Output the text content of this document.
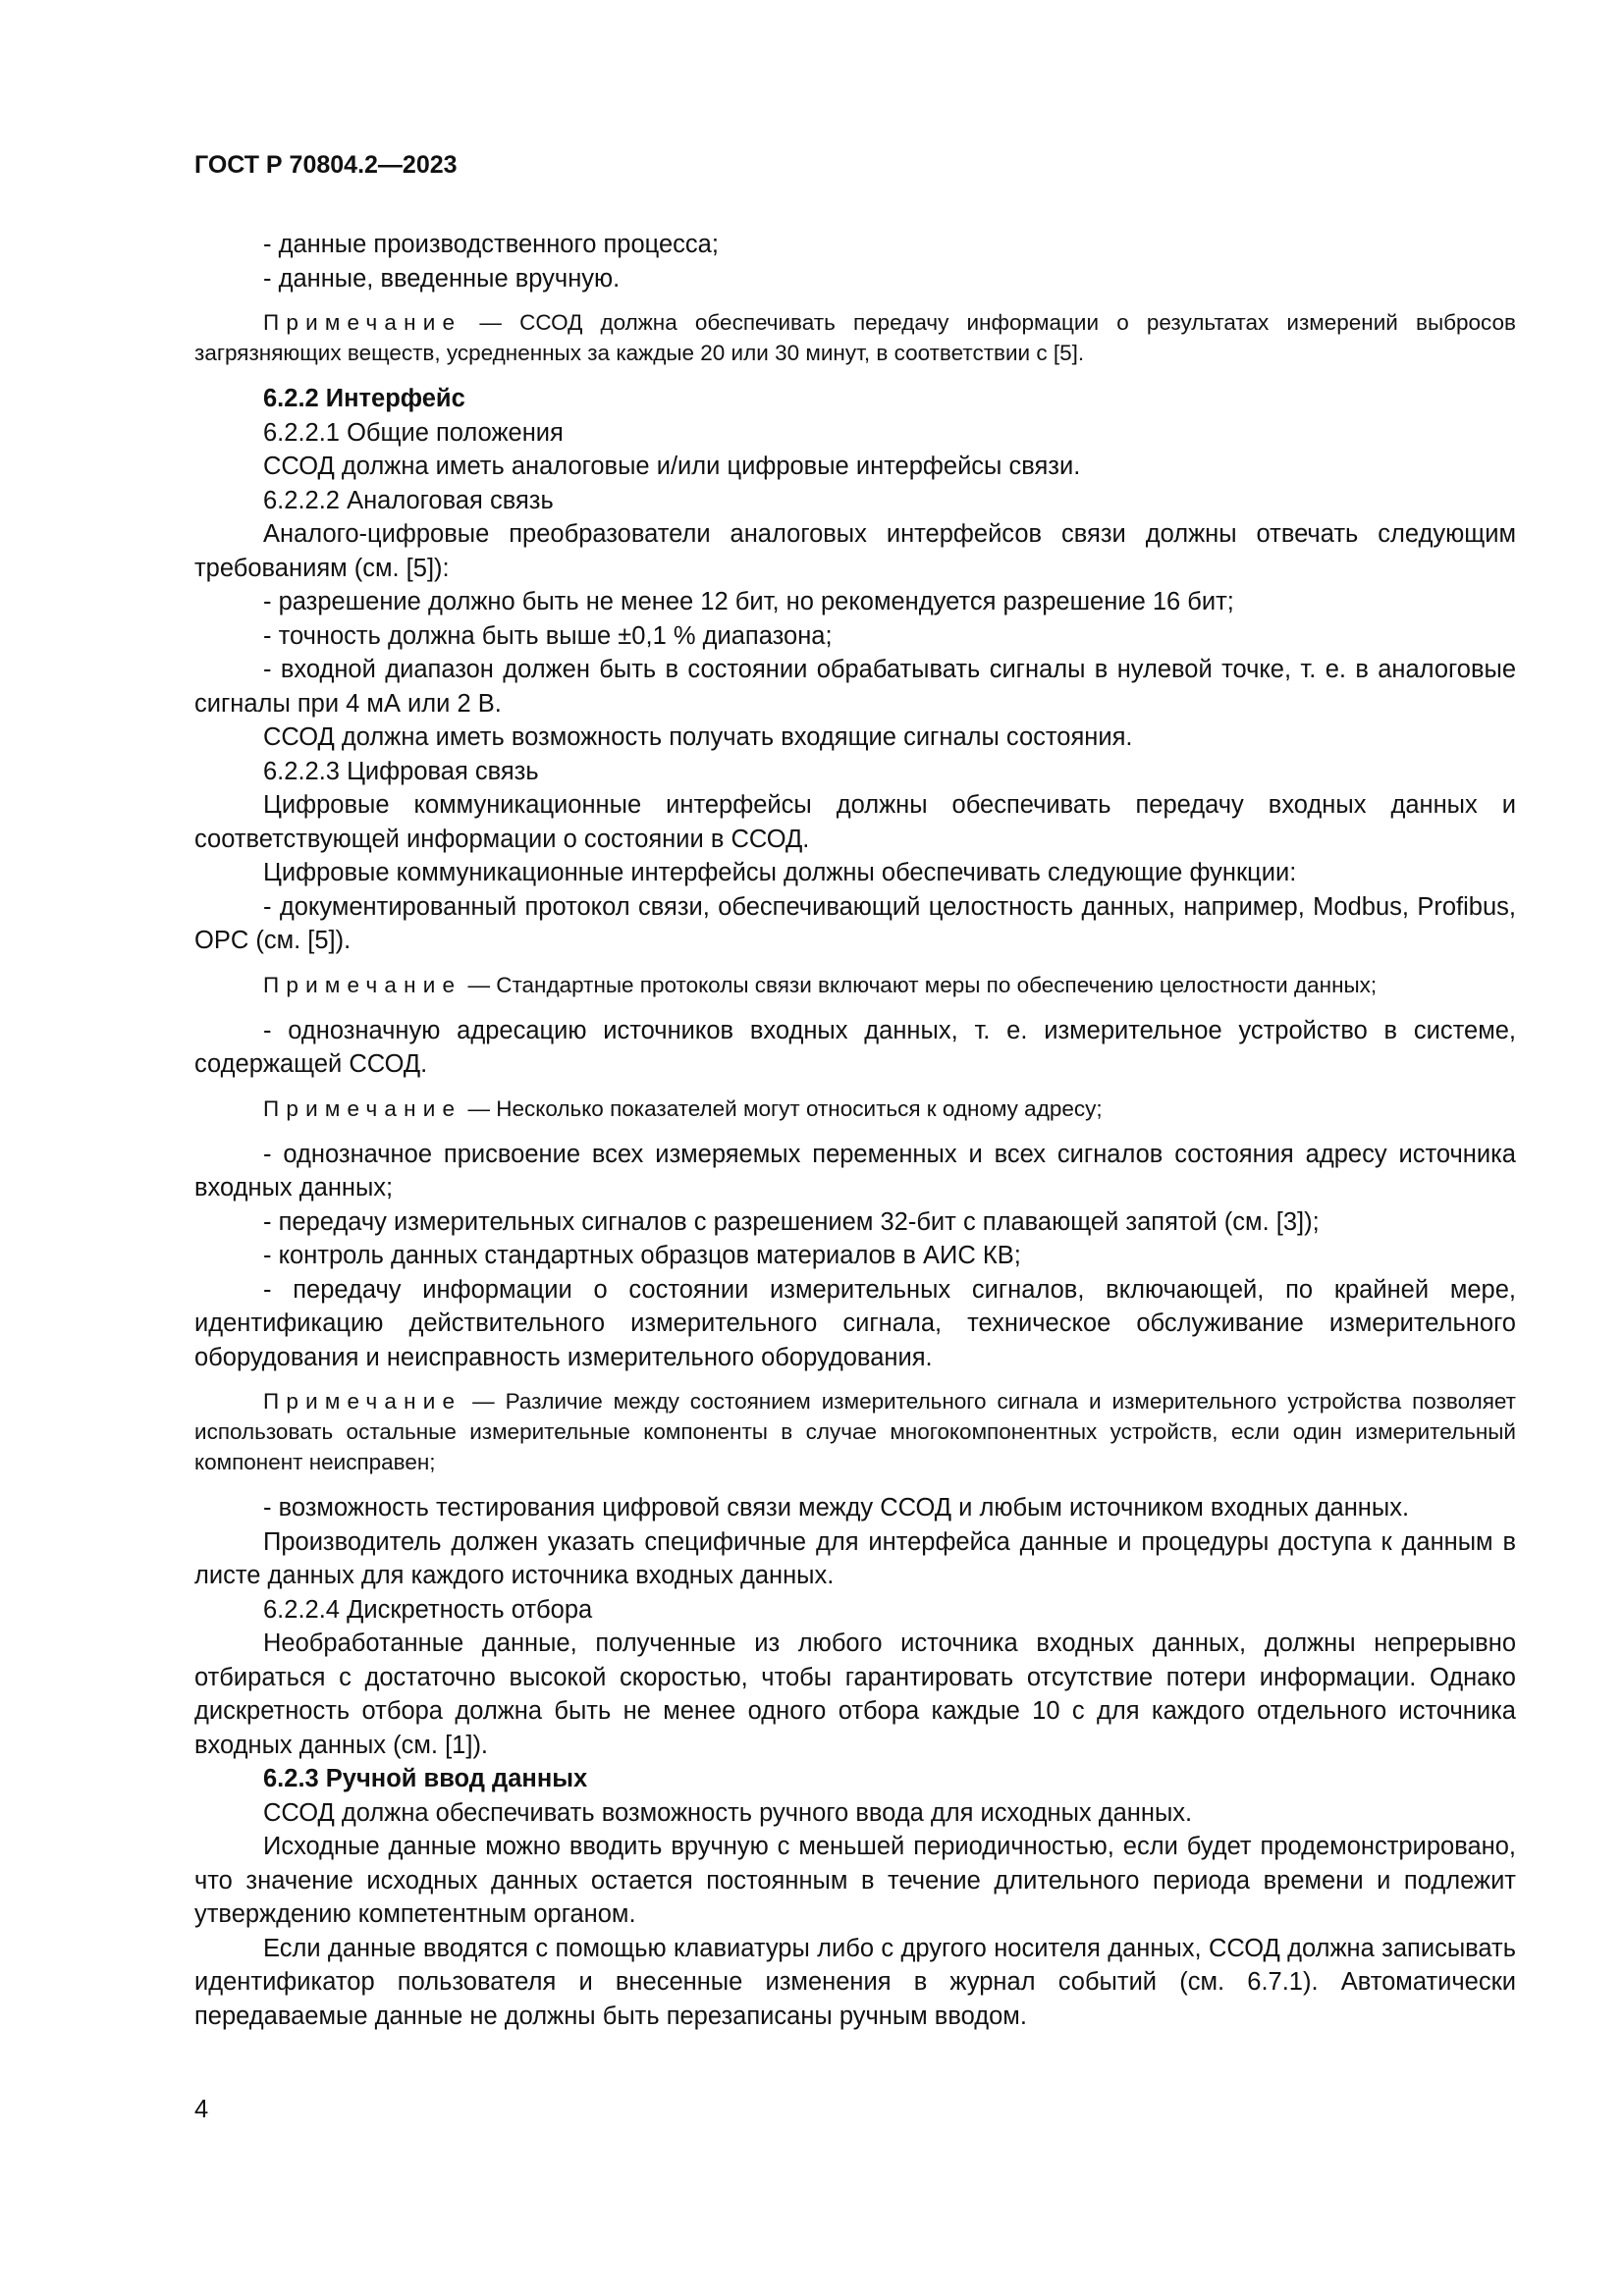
ГОСТ Р 70804.2—2023

- данные производственного процесса;

- данные, введенные вручную.

Примечание — ССОД должна обеспечивать передачу информации о результатах измерений выбросов загрязняющих веществ, усредненных за каждые 20 или 30 минут, в соответствии с [5].

6.2.2 Интерфейс

6.2.2.1 Общие положения

ССОД должна иметь аналоговые и/или цифровые интерфейсы связи.

6.2.2.2 Аналоговая связь

Аналого-цифровые преобразователи аналоговых интерфейсов связи должны отвечать следующим требованиям (см. [5]):

- разрешение должно быть не менее 12 бит, но рекомендуется разрешение 16 бит;

- точность должна быть выше ±0,1 % диапазона;

- входной диапазон должен быть в состоянии обрабатывать сигналы в нулевой точке, т. е. в аналоговые сигналы при 4 мА или 2 В.

ССОД должна иметь возможность получать входящие сигналы состояния.

6.2.2.3 Цифровая связь

Цифровые коммуникационные интерфейсы должны обеспечивать передачу входных данных и соответствующей информации о состоянии в ССОД.

Цифровые коммуникационные интерфейсы должны обеспечивать следующие функции:

- документированный протокол связи, обеспечивающий целостность данных, например, Modbus, Profibus, OPC (см. [5]).

Примечание — Стандартные протоколы связи включают меры по обеспечению целостности данных;

- однозначную адресацию источников входных данных, т. е. измерительное устройство в системе, содержащей ССОД.

Примечание — Несколько показателей могут относиться к одному адресу;

- однозначное присвоение всех измеряемых переменных и всех сигналов состояния адресу источника входных данных;

- передачу измерительных сигналов с разрешением 32-бит с плавающей запятой (см. [3]);

- контроль данных стандартных образцов материалов в АИС КВ;

- передачу информации о состоянии измерительных сигналов, включающей, по крайней мере, идентификацию действительного измерительного сигнала, техническое обслуживание измерительного оборудования и неисправность измерительного оборудования.

Примечание — Различие между состоянием измерительного сигнала и измерительного устройства позволяет использовать остальные измерительные компоненты в случае многокомпонентных устройств, если один измерительный компонент неисправен;

- возможность тестирования цифровой связи между ССОД и любым источником входных данных.

Производитель должен указать специфичные для интерфейса данные и процедуры доступа к данным в листе данных для каждого источника входных данных.

6.2.2.4 Дискретность отбора

Необработанные данные, полученные из любого источника входных данных, должны непрерывно отбираться с достаточно высокой скоростью, чтобы гарантировать отсутствие потери информации. Однако дискретность отбора должна быть не менее одного отбора каждые 10 с для каждого отдельного источника входных данных (см. [1]).

6.2.3 Ручной ввод данных

ССОД должна обеспечивать возможность ручного ввода для исходных данных.

Исходные данные можно вводить вручную с меньшей периодичностью, если будет продемонстрировано, что значение исходных данных остается постоянным в течение длительного периода времени и подлежит утверждению компетентным органом.

Если данные вводятся с помощью клавиатуры либо с другого носителя данных, ССОД должна записывать идентификатор пользователя и внесенные изменения в журнал событий (см. 6.7.1). Автоматически передаваемые данные не должны быть перезаписаны ручным вводом.

4
